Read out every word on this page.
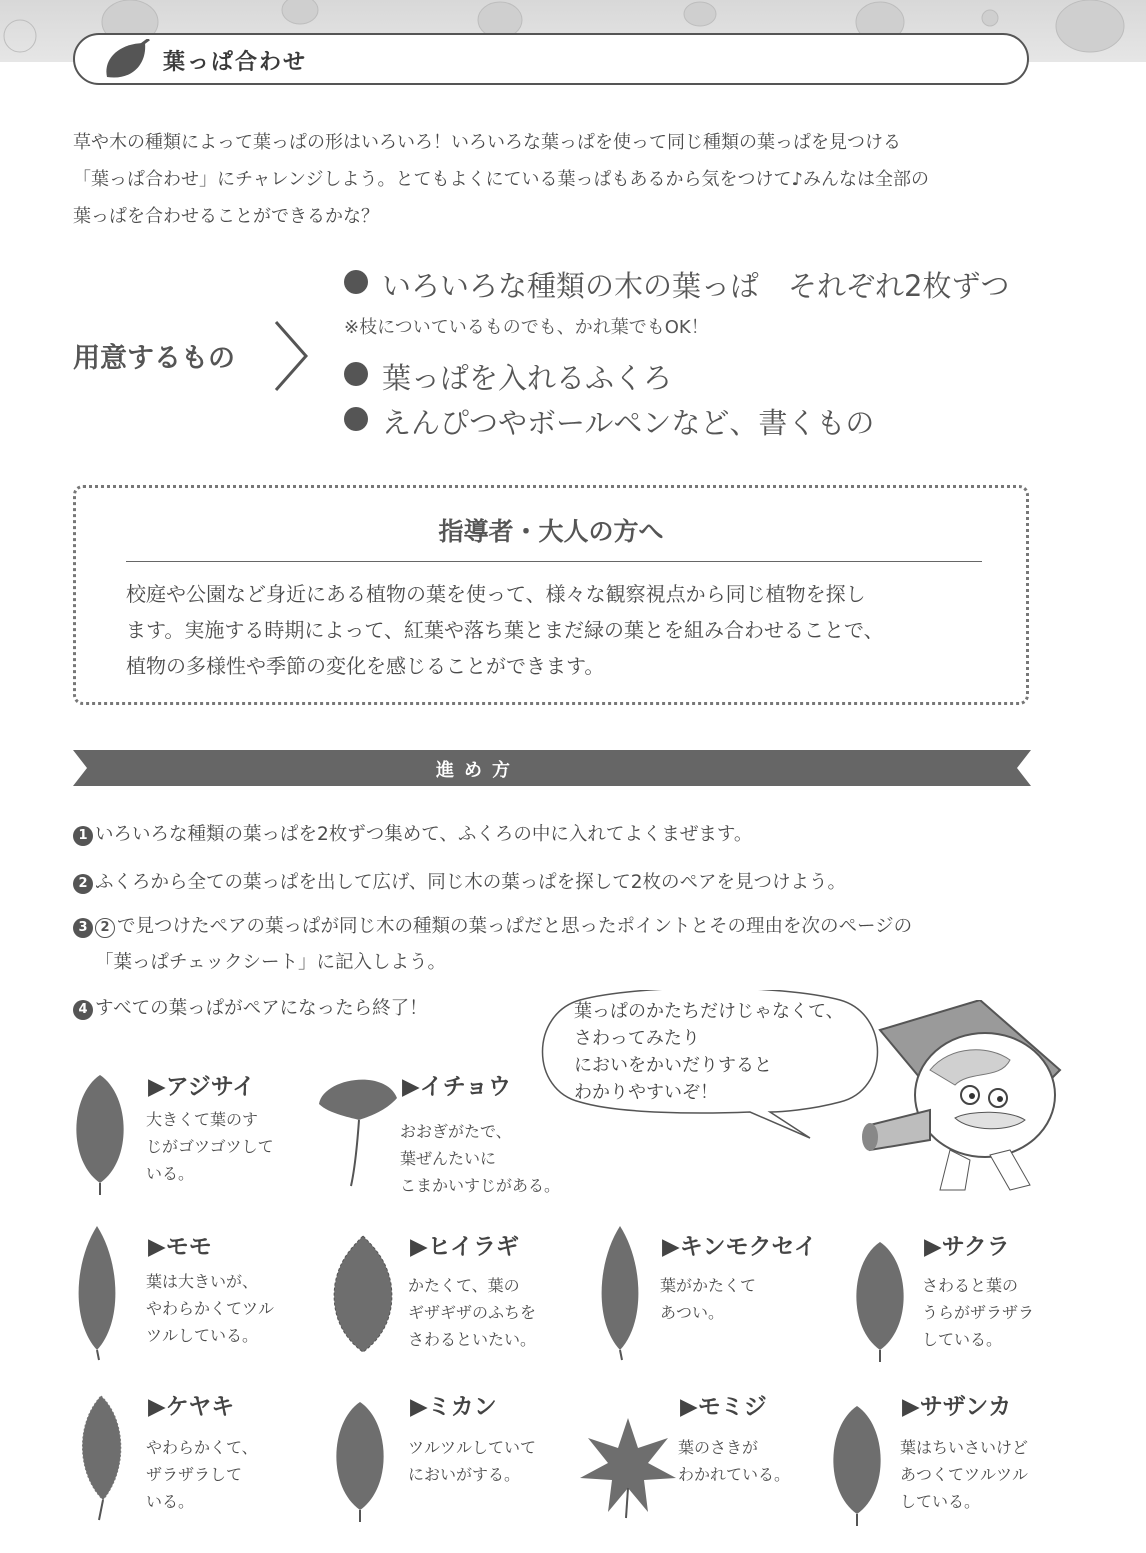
葉っぱ合わせ
草や木の種類によって葉っぱの形はいろいろ！いろいろな葉っぱを使って同じ種類の葉っぱを見つける
「葉っぱ合わせ」にチャレンジしよう。とてもよくにている葉っぱもあるから気をつけて♪みんなは全部の
葉っぱを合わせることができるかな？
用意するもの
いろいろな種類の木の葉っぱ　それぞれ2枚ずつ
※枝についているものでも、かれ葉でもOK！
葉っぱを入れるふくろ
えんぴつやボールペンなど、書くもの
指導者・大人の方へ
校庭や公園など身近にある植物の葉を使って、様々な観察視点から同じ植物を探し
ます。実施する時期によって、紅葉や落ち葉とまだ緑の葉とを組み合わせることで、
植物の多様性や季節の変化を感じることができます。
進め方
1 いろいろな種類の葉っぱを2枚ずつ集めて、ふくろの中に入れてよくまぜます。
2 ふくろから全ての葉っぱを出して広げ、同じ木の葉っぱを探して2枚のペアを見つけよう。
3 2 で見つけたペアの葉っぱが同じ木の種類の葉っぱだと思ったポイントとその理由を次のページの
「葉っぱチェックシート」に記入しよう。
4 すべての葉っぱがペアになったら終了！	葉っぱのかたちだけじゃなくて、
さわってみたり
においをかいだりすると
わかりやすいぞ！
▶アジサイ
大きくて葉のす
じがゴツゴツして
いる。
▶イチョウ
おおぎがたで、
葉ぜんたいに
こまかいすじがある。
▶モモ
葉は大きいが、
やわらかくてツル
ツルしている。
▶ヒイラギ
かたくて、葉の
ギザギザのふちを
さわるといたい。
▶キンモクセイ
葉がかたくて
あつい。
▶サクラ
さわると葉の
うらがザラザラ
している。
▶ケヤキ
やわらかくて、
ザラザラして
いる。
▶ミカン
ツルツルしていて
においがする。
▶モミジ
葉のさきが
わかれている。
▶サザンカ
葉はちいさいけど
あつくてツルツル
している。
